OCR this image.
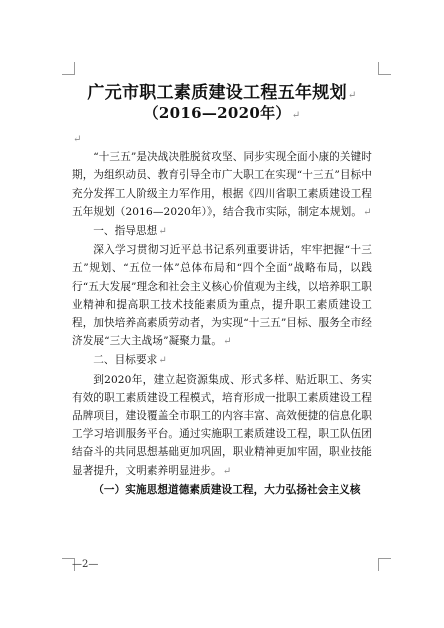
广元市职工素质建设工程五年规划↵
（2016—2020年）↵
↵
“十三五”是决战决胜脱贫攻坚、同步实现全面小康的关键时期，为组织动员、教育引导全市广大职工在实现“十三五”目标中充分发挥工人阶级主力军作用，根据《四川省职工素质建设工程五年规划（2016—2020年）》，结合我市实际，制定本规划。↵
一、指导思想↵
深入学习贯彻习近平总书记系列重要讲话，牢牢把握“十三五”规划、“五位一体”总体布局和“四个全面”战略布局，以践行“五大发展”理念和社会主义核心价值观为主线，以培养职工职业精神和提高职工技术技能素质为重点，提升职工素质建设工程，加快培养高素质劳动者，为实现“十三五”目标、服务全市经济发展“三大主战场”凝聚力量。↵
二、目标要求↵
到2020年，建立起资源集成、形式多样、贴近职工、务实有效的职工素质建设工程模式，培育形成一批职工素质建设工程品牌项目，建设覆盖全市职工的内容丰富、高效便捷的信息化职工学习培训服务平台。通过实施职工素质建设工程，职工队伍团结奋斗的共同思想基础更加巩固，职业精神更加牢固，职业技能显著提升，文明素养明显进步。↵
（一）实施思想道德素质建设工程，大力弘扬社会主义核
—2—
